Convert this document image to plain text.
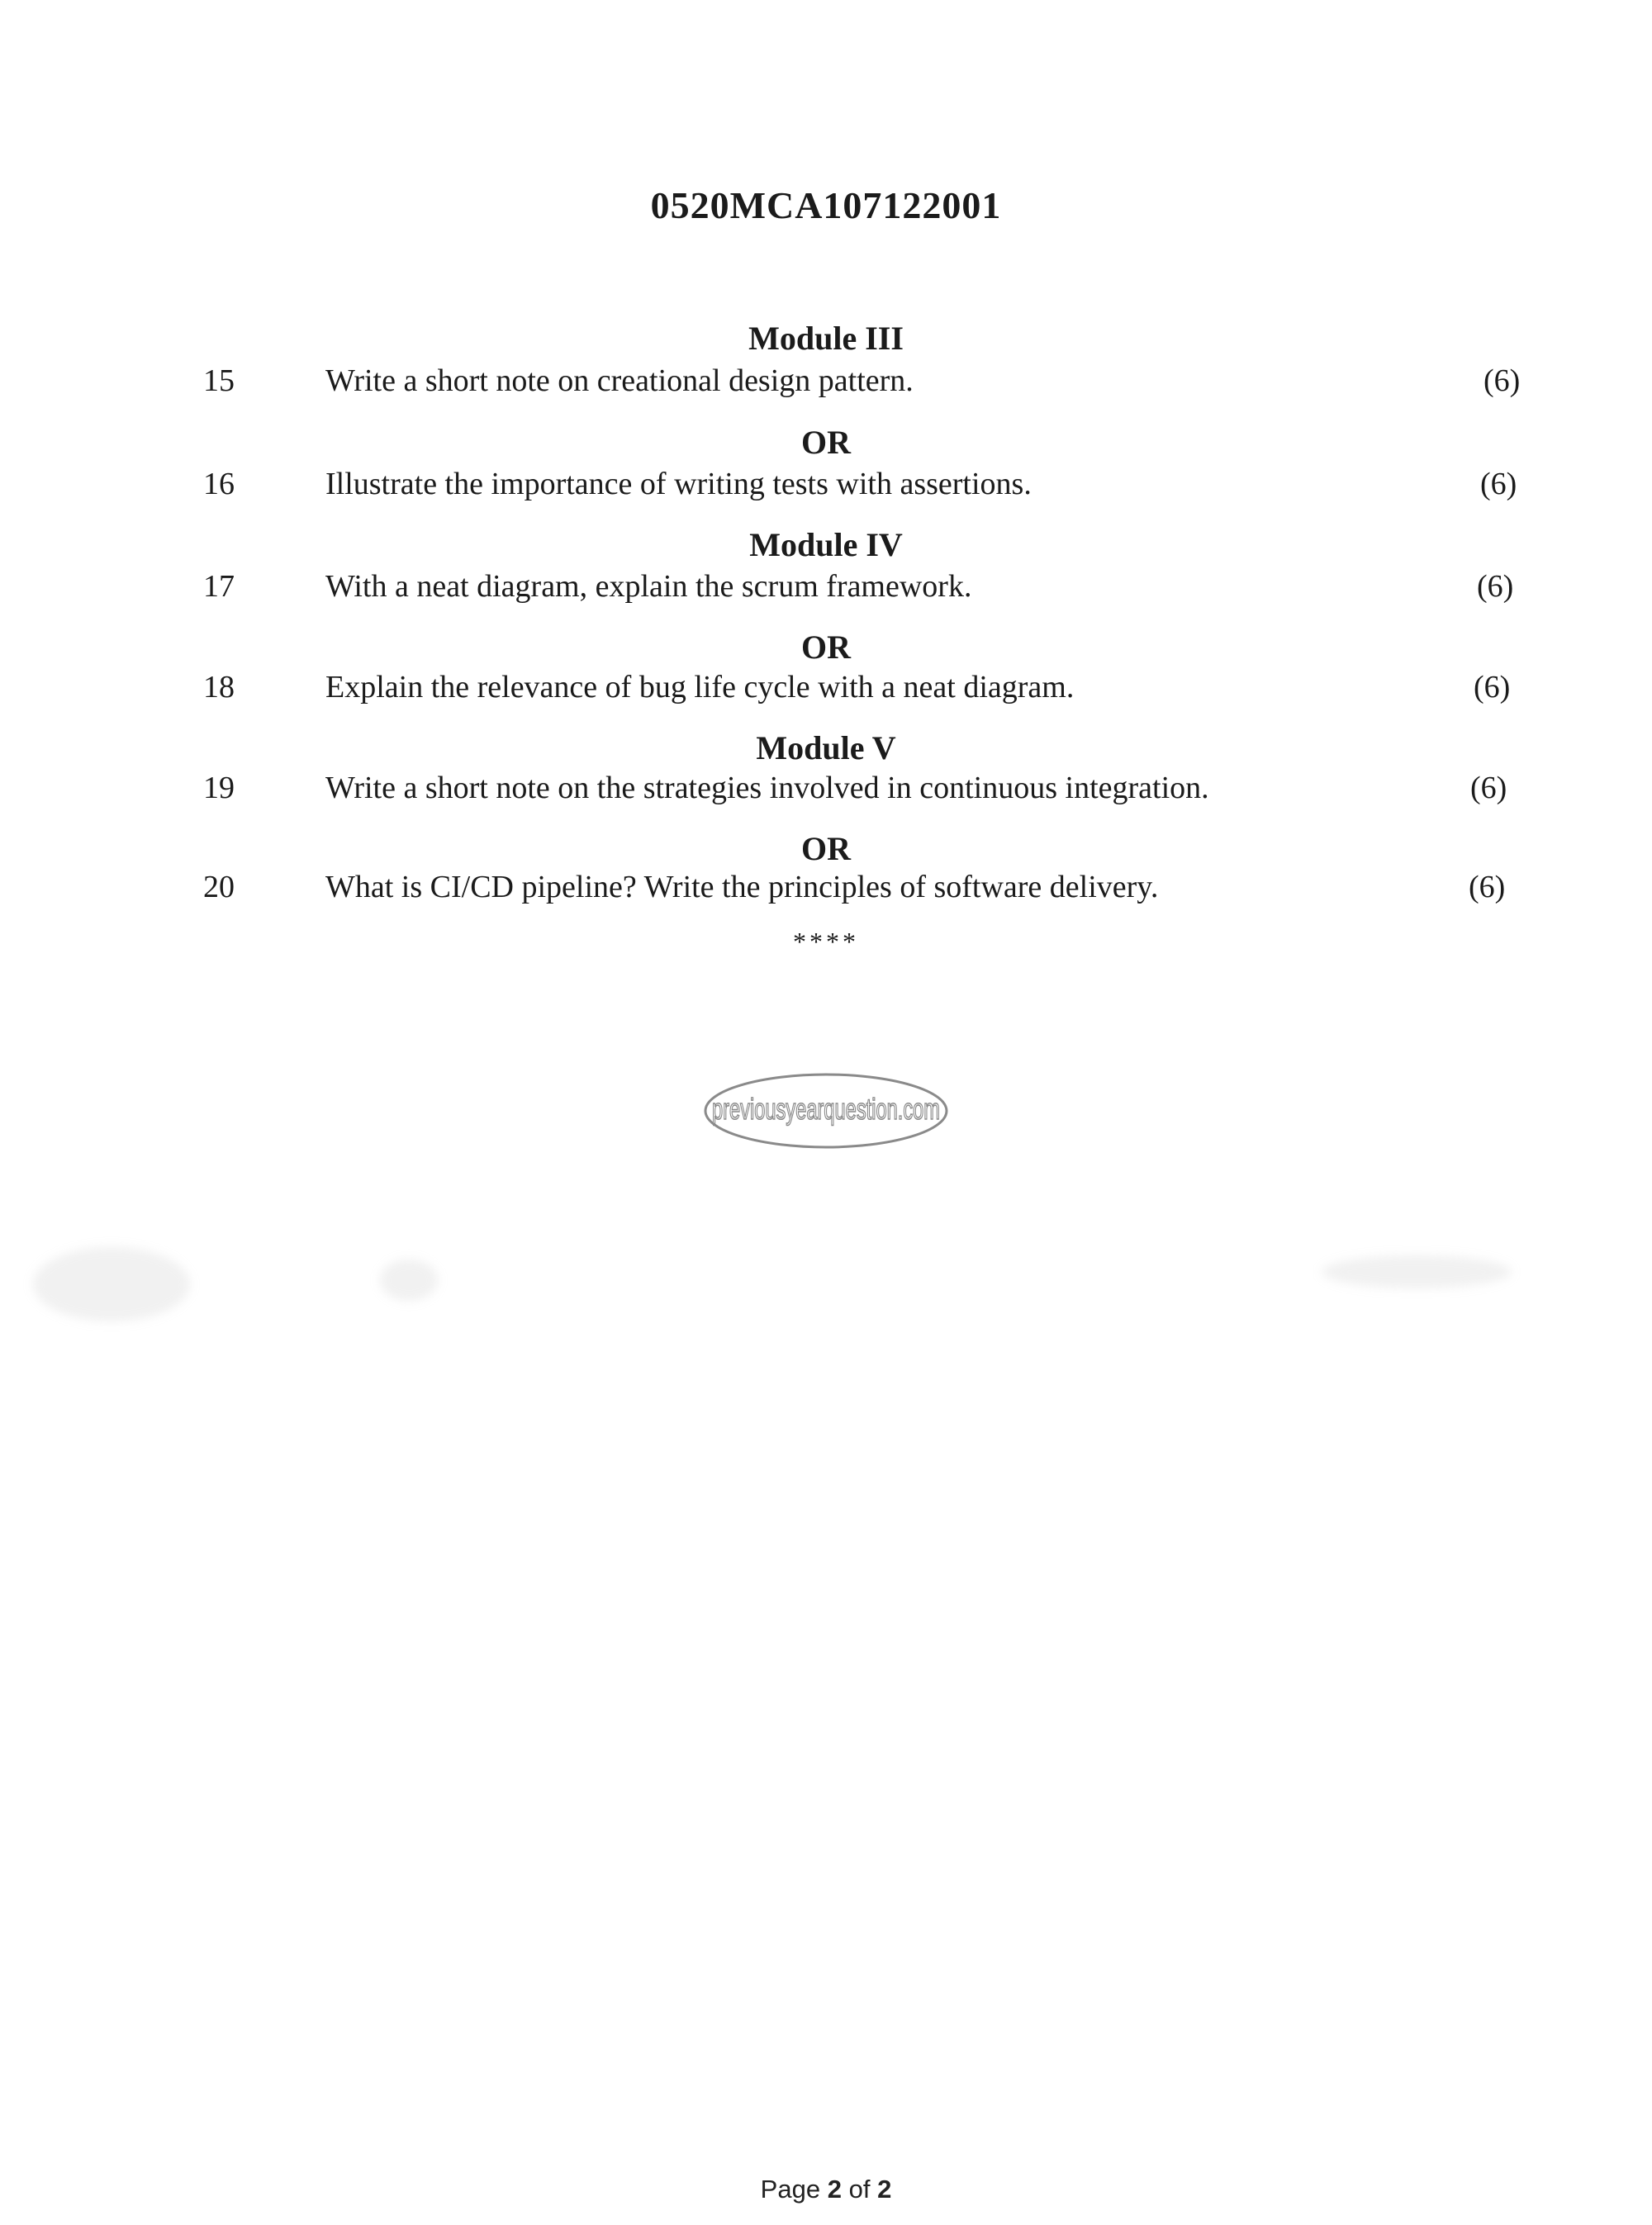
0520MCA107122001
Module III
15	Write a short note on creational design pattern.	(6)
OR
16	Illustrate the importance of writing tests with assertions.	(6)
Module IV
17	With a neat diagram, explain the scrum framework.	(6)
OR
18	Explain the relevance of bug life cycle with a neat diagram.	(6)
Module V
19	Write a short note on the strategies involved in continuous integration.	(6)
OR
20	What is CI/CD pipeline? Write the principles of software delivery.	(6)
****
previousyearquestion.com
Page 2 of 2
